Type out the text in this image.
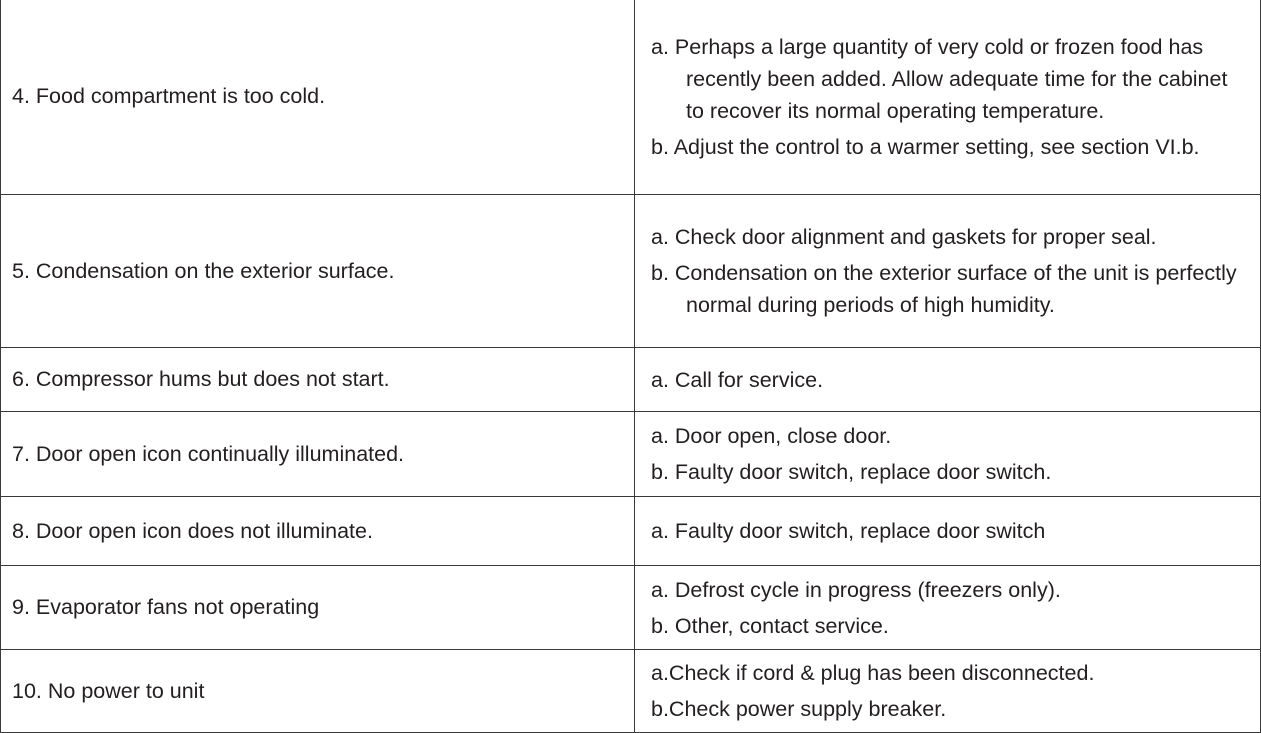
4. Food compartment is too cold.	a. Perhaps a large quantity of very cold or frozen food has
recently been added. Allow adequate time for the cabinet
to recover its normal operating temperature.
b. Adjust the control to a warmer setting, see section VI.b.

5. Condensation on the exterior surface.	a. Check door alignment and gaskets for proper seal.
b. Condensation on the exterior surface of the unit is perfectly
normal during periods of high humidity.

6. Compressor hums but does not start.	a. Call for service.

7. Door open icon continually illuminated.	a. Door open, close door.
b. Faulty door switch, replace door switch.

8. Door open icon does not illuminate.	a. Faulty door switch, replace door switch

9. Evaporator fans not operating	a. Defrost cycle in progress (freezers only).
b. Other, contact service.

10. No power to unit	a.Check if cord & plug has been disconnected.
b.Check power supply breaker.
